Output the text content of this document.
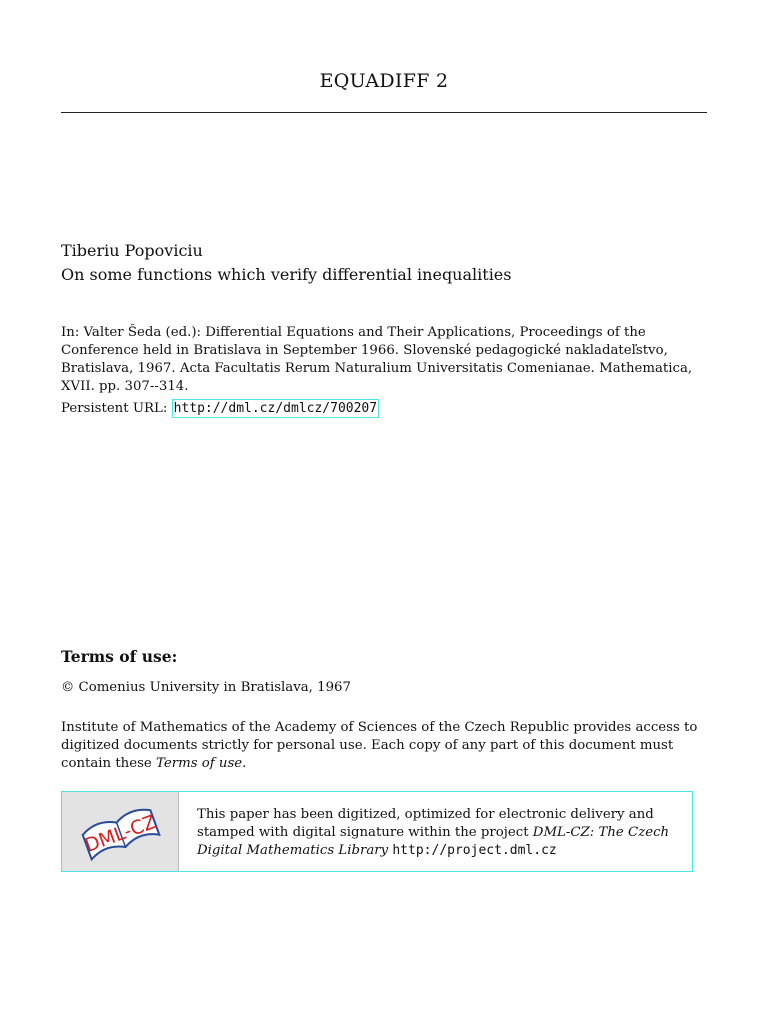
EQUADIFF 2
Tiberiu Popoviciu
On some functions which verify differential inequalities
In: Valter Šeda (ed.): Differential Equations and Their Applications, Proceedings of the Conference held in Bratislava in September 1966. Slovenské pedagogické nakladateľstvo, Bratislava, 1967. Acta Facultatis Rerum Naturalium Universitatis Comenianae. Mathematica, XVII. pp. 307--314.
Persistent URL: http://dml.cz/dmlcz/700207
Terms of use:
© Comenius University in Bratislava, 1967
Institute of Mathematics of the Academy of Sciences of the Czech Republic provides access to digitized documents strictly for personal use. Each copy of any part of this document must contain these Terms of use.
DML-CZ	This paper has been digitized, optimized for electronic delivery and stamped with digital signature within the project DML-CZ: The Czech Digital Mathematics Library http://project.dml.cz
